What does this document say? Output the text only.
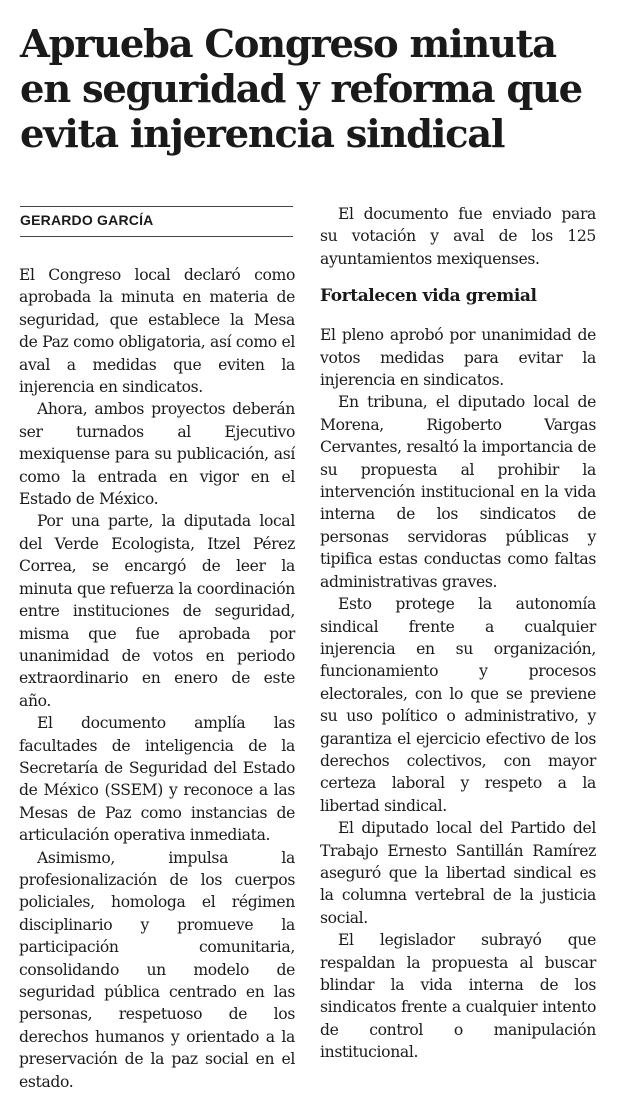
Aprueba Congreso minuta
en seguridad y reforma que
evita injerencia sindical
GERARDO GARCÍA

El Congreso local declaró como aprobada la minuta en materia de seguridad, que establece la Mesa de Paz como obligatoria, así como el aval a medidas que eviten la injerencia en sindicatos.

Ahora, ambos proyectos deberán ser turnados al Ejecutivo mexiquense para su publicación, así como la entrada en vigor en el Estado de México.

Por una parte, la diputada local del Verde Ecologista, Itzel Pérez Correa, se encargó de leer la minuta que refuerza la coordinación entre instituciones de seguridad, misma que fue aprobada por unanimidad de votos en periodo extraordinario en enero de este año.

El documento amplía las facultades de inteligencia de la Secretaría de Seguridad del Estado de México (SSEM) y reconoce a las Mesas de Paz como instancias de articulación operativa inmediata.

Asimismo, impulsa la profesionalización de los cuerpos policiales, homologa el régimen disciplinario y promueve la participación comunitaria, consolidando un modelo de seguridad pública centrado en las personas, respetuoso de los derechos humanos y orientado a la preservación de la paz social en el estado.

El documento fue enviado para su votación y aval de los 125 ayuntamientos mexiquenses.

Fortalecen vida gremial

El pleno aprobó por unanimidad de votos medidas para evitar la injerencia en sindicatos.

En tribuna, el diputado local de Morena, Rigoberto Vargas Cervantes, resaltó la importancia de su propuesta al prohibir la intervención institucional en la vida interna de los sindicatos de personas servidoras públicas y tipifica estas conductas como faltas administrativas graves.

Esto protege la autonomía sindical frente a cualquier injerencia en su organización, funcionamiento y procesos electorales, con lo que se previene su uso político o administrativo, y garantiza el ejercicio efectivo de los derechos colectivos, con mayor certeza laboral y respeto a la libertad sindical.

El diputado local del Partido del Trabajo Ernesto Santillán Ramírez aseguró que la libertad sindical es la columna vertebral de la justicia social.

El legislador subrayó que respaldan la propuesta al buscar blindar la vida interna de los sindicatos frente a cualquier intento de control o manipulación institucional.
